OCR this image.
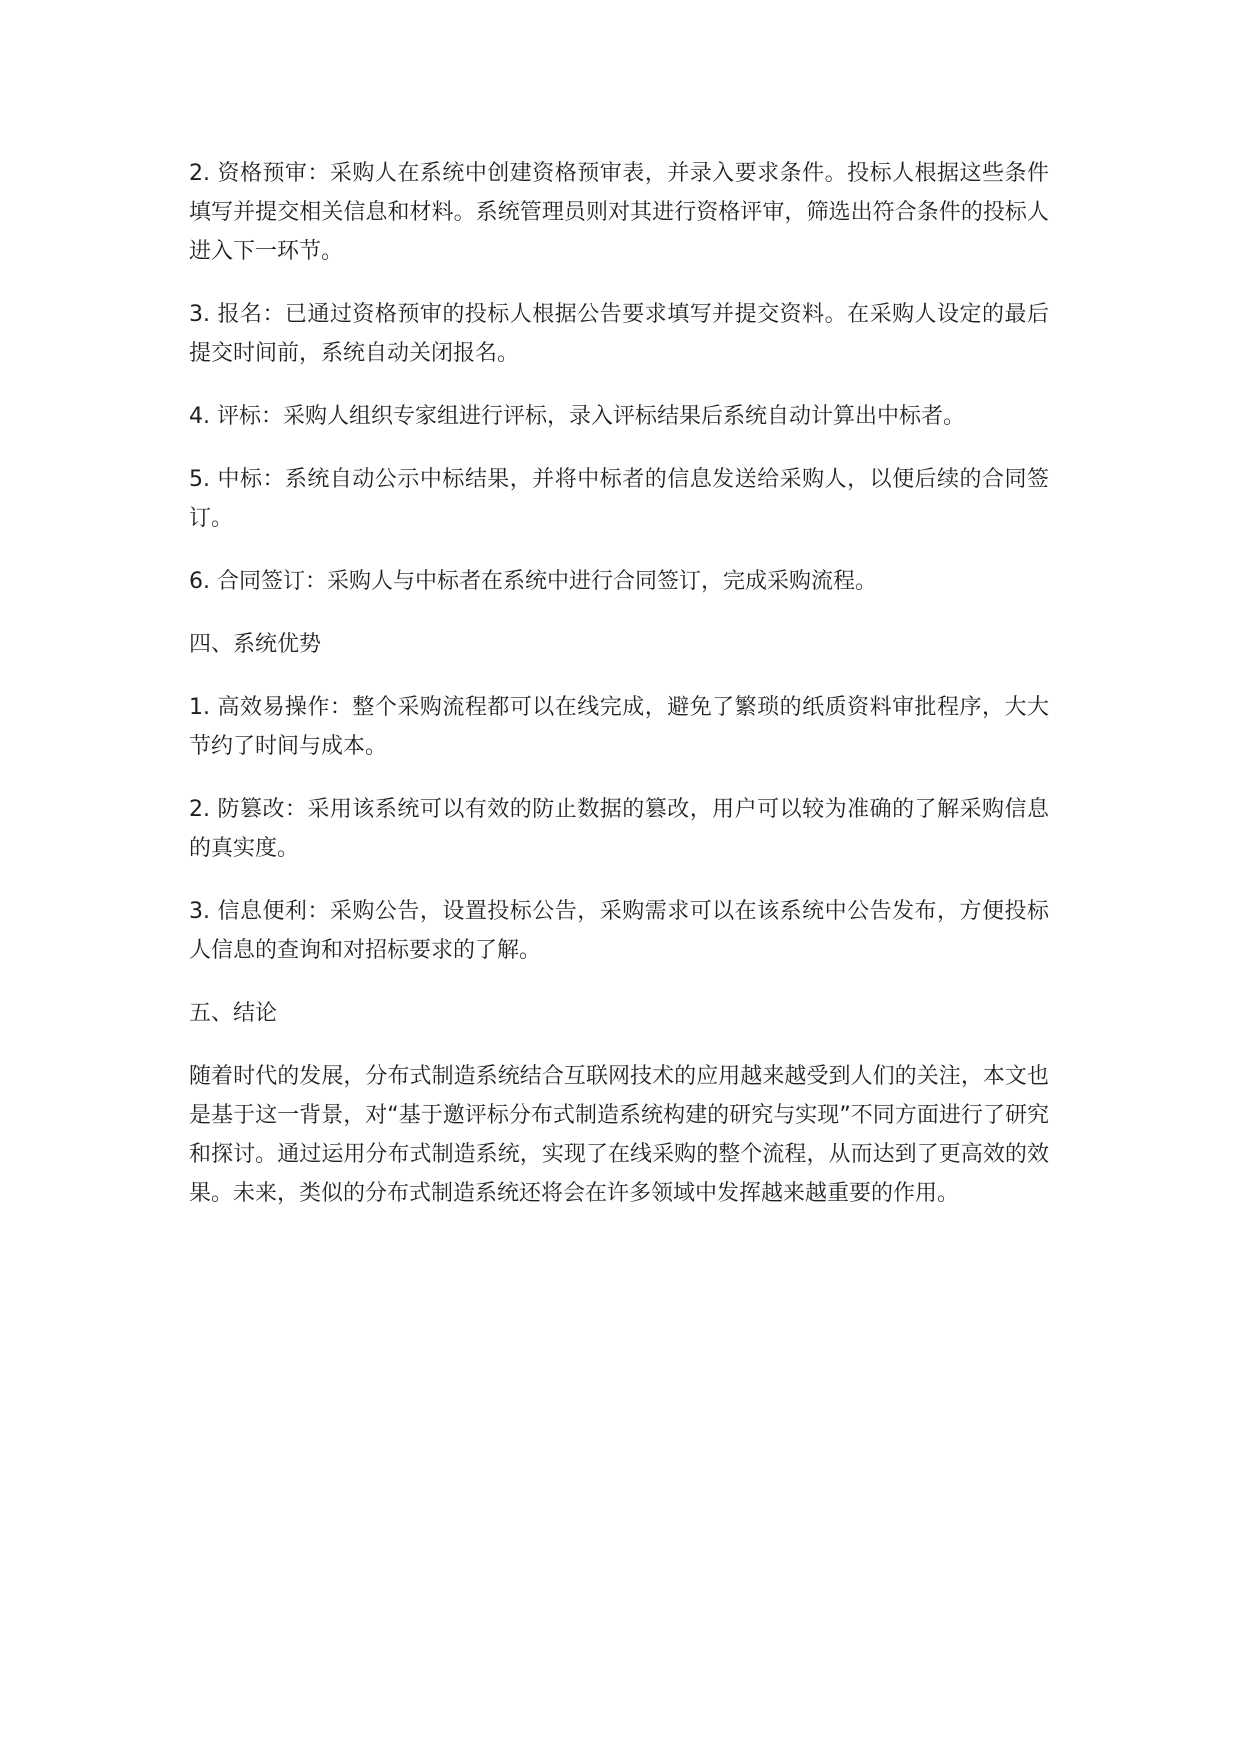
2. 资格预审：采购人在系统中创建资格预审表，并录入要求条件。投标人根据这些条件填写并提交相关信息和材料。系统管理员则对其进行资格评审，筛选出符合条件的投标人进入下一环节。

3. 报名：已通过资格预审的投标人根据公告要求填写并提交资料。在采购人设定的最后提交时间前，系统自动关闭报名。

4. 评标：采购人组织专家组进行评标，录入评标结果后系统自动计算出中标者。

5. 中标：系统自动公示中标结果，并将中标者的信息发送给采购人，以便后续的合同签订。

6. 合同签订：采购人与中标者在系统中进行合同签订，完成采购流程。

四、系统优势

1. 高效易操作：整个采购流程都可以在线完成，避免了繁琐的纸质资料审批程序，大大节约了时间与成本。

2. 防篡改：采用该系统可以有效的防止数据的篡改，用户可以较为准确的了解采购信息的真实度。

3. 信息便利：采购公告，设置投标公告，采购需求可以在该系统中公告发布，方便投标人信息的查询和对招标要求的了解。

五、结论

随着时代的发展，分布式制造系统结合互联网技术的应用越来越受到人们的关注，本文也是基于这一背景，对“基于邀评标分布式制造系统构建的研究与实现”不同方面进行了研究和探讨。通过运用分布式制造系统，实现了在线采购的整个流程，从而达到了更高效的效果。未来，类似的分布式制造系统还将会在许多领域中发挥越来越重要的作用。
